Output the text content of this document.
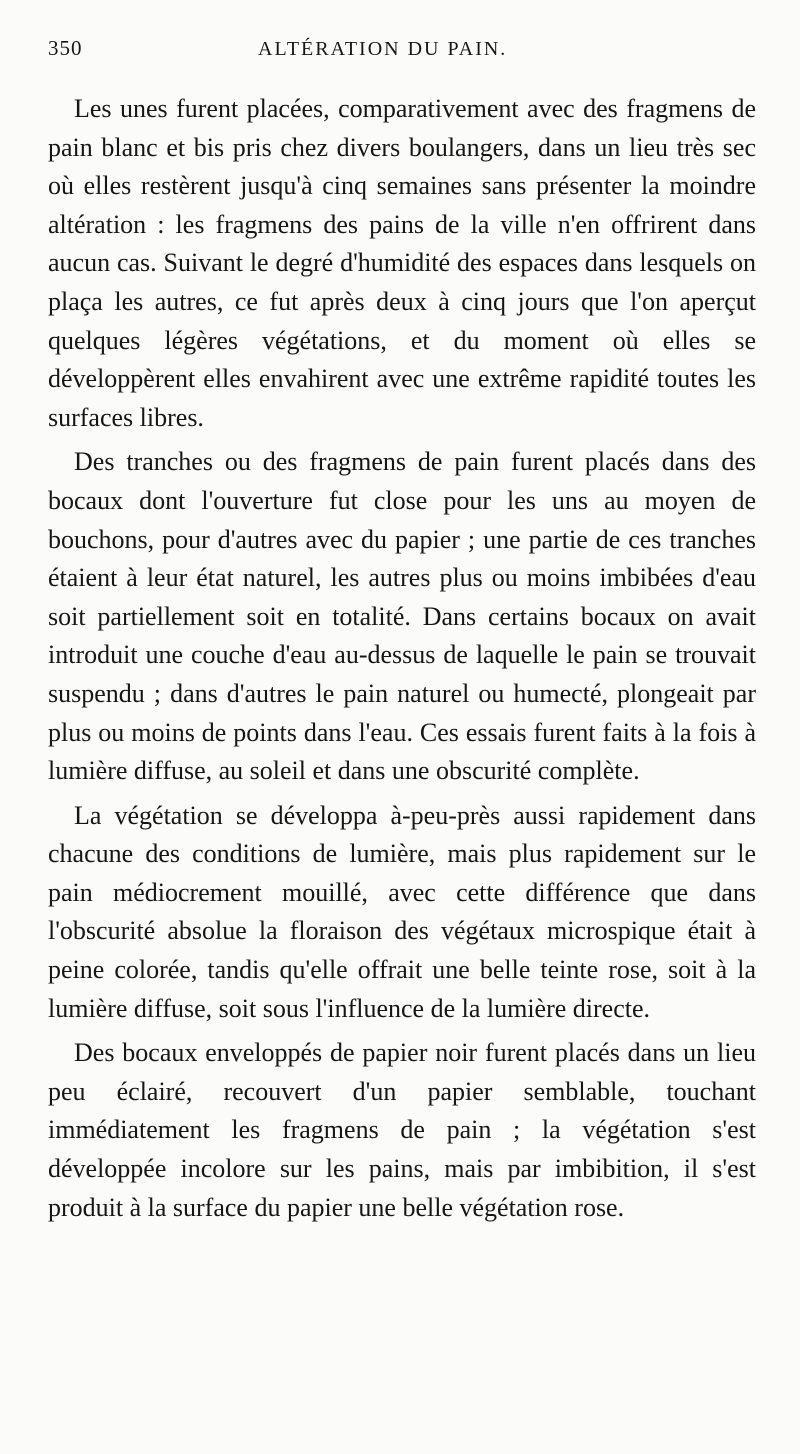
350	ALTÉRATION DU PAIN.

Les unes furent placées, comparativement avec des fragmens de pain blanc et bis pris chez divers boulangers, dans un lieu très sec où elles restèrent jusqu'à cinq semaines sans présenter la moindre altération : les fragmens des pains de la ville n'en offrirent dans aucun cas. Suivant le degré d'humidité des espaces dans lesquels on plaça les autres, ce fut après deux à cinq jours que l'on aperçut quelques légères végétations, et du moment où elles se développèrent elles envahirent avec une extrême rapidité toutes les surfaces libres.

Des tranches ou des fragmens de pain furent placés dans des bocaux dont l'ouverture fut close pour les uns au moyen de bouchons, pour d'autres avec du papier ; une partie de ces tranches étaient à leur état naturel, les autres plus ou moins imbibées d'eau soit partiellement soit en totalité. Dans certains bocaux on avait introduit une couche d'eau au-dessus de laquelle le pain se trouvait suspendu ; dans d'autres le pain naturel ou humecté, plongeait par plus ou moins de points dans l'eau. Ces essais furent faits à la fois à lumière diffuse, au soleil et dans une obscurité complète.

La végétation se développa à-peu-près aussi rapidement dans chacune des conditions de lumière, mais plus rapidement sur le pain médiocrement mouillé, avec cette différence que dans l'obscurité absolue la floraison des végétaux microspique était à peine colorée, tandis qu'elle offrait une belle teinte rose, soit à la lumière diffuse, soit sous l'influence de la lumière directe.

Des bocaux enveloppés de papier noir furent placés dans un lieu peu éclairé, recouvert d'un papier semblable, touchant immédiatement les fragmens de pain ; la végétation s'est développée incolore sur les pains, mais par imbibition, il s'est produit à la surface du papier une belle végétation rose.
